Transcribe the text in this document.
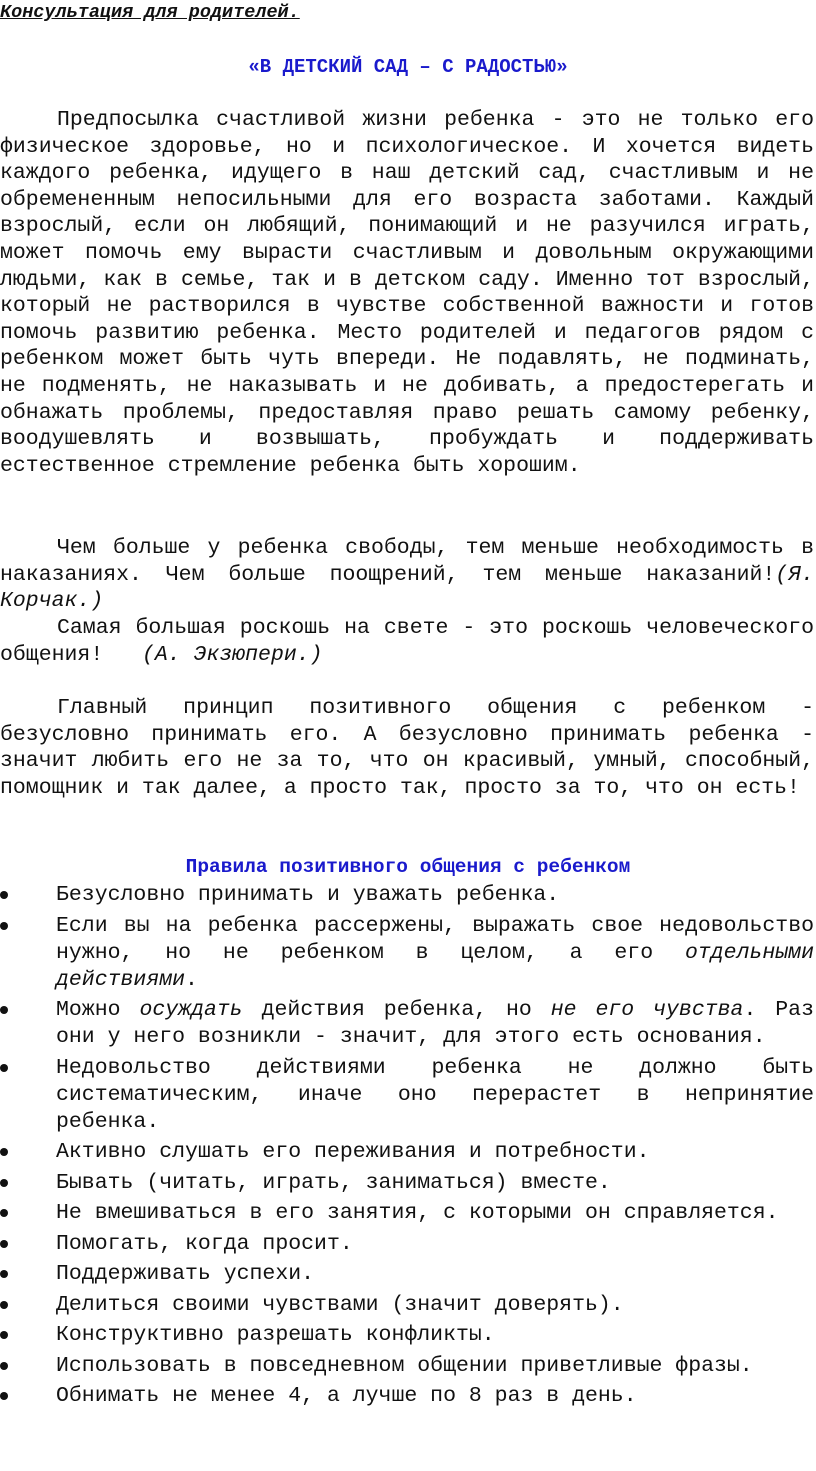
Консультация для родителей.
«В ДЕТСКИЙ САД – С РАДОСТЬЮ»

Предпосылка счастливой жизни ребенка - это не только его физическое здоровье, но и психологическое. И хочется видеть каждого ребенка, идущего в наш детский сад, счастливым и не обремененным непосильными для его возраста заботами. Каждый взрослый, если он любящий, понимающий и не разучился играть, может помочь ему вырасти счастливым и довольным окружающими людьми, как в семье, так и в детском саду. Именно тот взрослый, который не растворился в чувстве собственной важности и готов помочь развитию ребенка. Место родителей и педагогов рядом с ребенком может быть чуть впереди. Не подавлять, не подминать, не подменять, не наказывать и не добивать, а предостерегать и обнажать проблемы, предоставляя право решать самому ребенку, воодушевлять и возвышать, пробуждать и поддерживать естественное стремление ребенка быть хорошим.

Чем больше у ребенка свободы, тем меньше необходимость в наказаниях. Чем больше поощрений, тем меньше наказаний!(Я. Корчак.)

Самая большая роскошь на свете - это роскошь человеческого общения! (А. Экзюпери.)

Главный принцип позитивного общения с ребенком - безусловно принимать его. А безусловно принимать ребенка - значит любить его не за то, что он красивый, умный, способный, помощник и так далее, а просто так, просто за то, что он есть!

Правила позитивного общения с ребенком
Безусловно принимать и уважать ребенка.
Если вы на ребенка рассержены, выражать свое недовольство нужно, но не ребенком в целом, а его отдельными действиями.
Можно осуждать действия ребенка, но не его чувства. Раз они у него возникли - значит, для этого есть основания.
Недовольство действиями ребенка не должно быть систематическим, иначе оно перерастет в непринятие ребенка.
Активно слушать его переживания и потребности.
Бывать (читать, играть, заниматься) вместе.
Не вмешиваться в его занятия, с которыми он справляется.
Помогать, когда просит.
Поддерживать успехи.
Делиться своими чувствами (значит доверять).
Конструктивно разрешать конфликты.
Использовать в повседневном общении приветливые фразы.
Обнимать не менее 4, а лучше по 8 раз в день.
